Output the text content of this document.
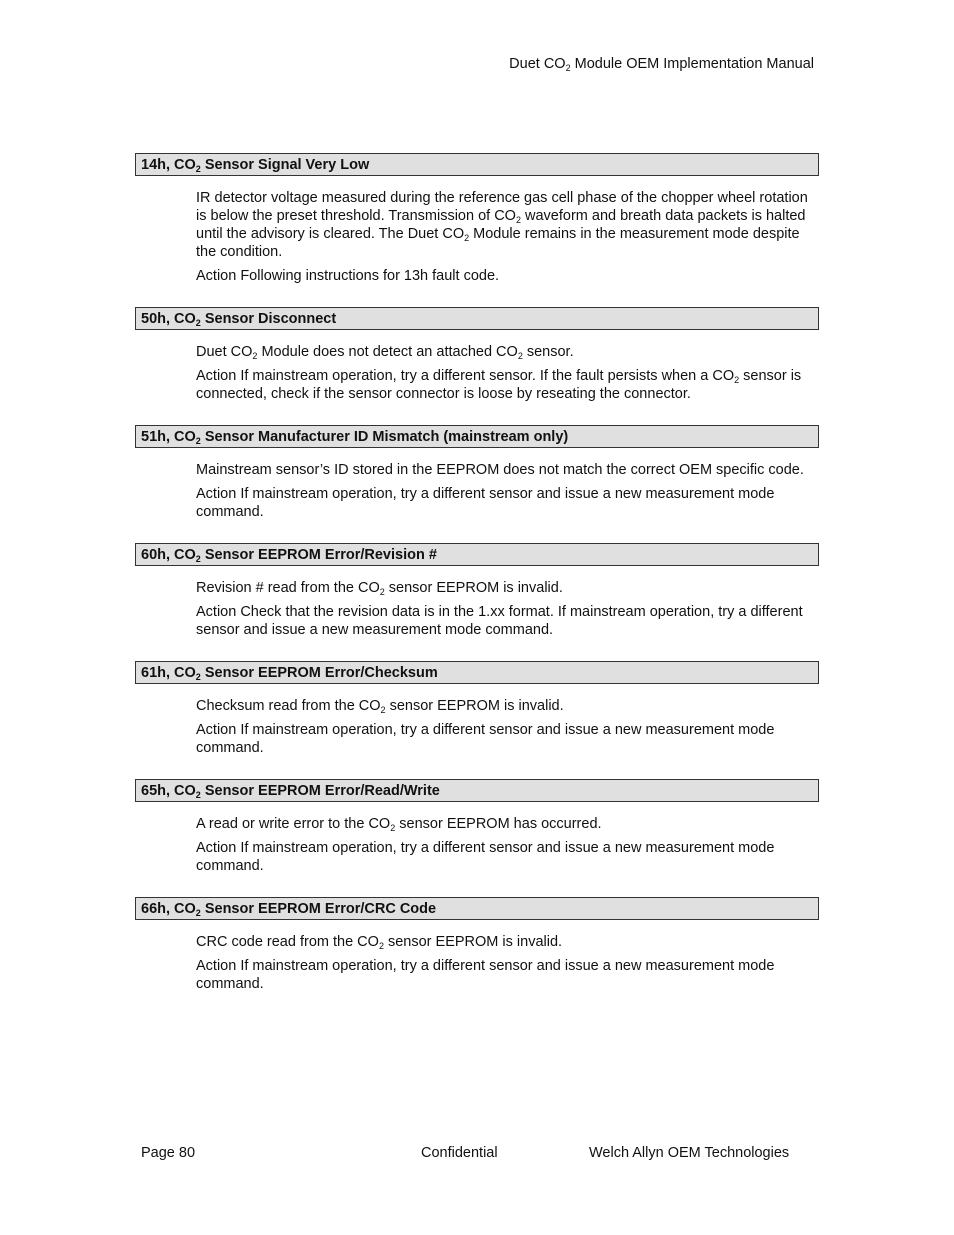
Duet $CO_2$ Module OEM Implementation Manual
14h, $CO_2$ Sensor Signal Very Low

IR detector voltage measured during the reference gas cell phase of the chopper wheel rotation is below the preset threshold. Transmission of $CO_2$ waveform and breath data packets is halted until the advisory is cleared. The Duet $CO_2$ Module remains in the measurement mode despite the condition.

Action Following instructions for 13h fault code.

50h, $CO_2$ Sensor Disconnect

Duet $CO_2$ Module does not detect an attached $CO_2$ sensor.

Action If mainstream operation, try a different sensor. If the fault persists when a $CO_2$ sensor is connected, check if the sensor connector is loose by reseating the connector.

51h, $CO_2$ Sensor Manufacturer ID Mismatch (mainstream only)

Mainstream sensor’s ID stored in the EEPROM does not match the correct OEM specific code.

Action If mainstream operation, try a different sensor and issue a new measurement mode command.

60h, $CO_2$ Sensor EEPROM Error/Revision #

Revision # read from the $CO_2$ sensor EEPROM is invalid.

Action Check that the revision data is in the 1.xx format. If mainstream operation, try a different sensor and issue a new measurement mode command.

61h, $CO_2$ Sensor EEPROM Error/Checksum

Checksum read from the $CO_2$ sensor EEPROM is invalid.

Action If mainstream operation, try a different sensor and issue a new measurement mode command.

65h, $CO_2$ Sensor EEPROM Error/Read/Write

A read or write error to the $CO_2$ sensor EEPROM has occurred.

Action If mainstream operation, try a different sensor and issue a new measurement mode command.

66h, $CO_2$ Sensor EEPROM Error/CRC Code

CRC code read from the $CO_2$ sensor EEPROM is invalid.

Action If mainstream operation, try a different sensor and issue a new measurement mode command.

Page 80	Confidential	Welch Allyn OEM Technologies
